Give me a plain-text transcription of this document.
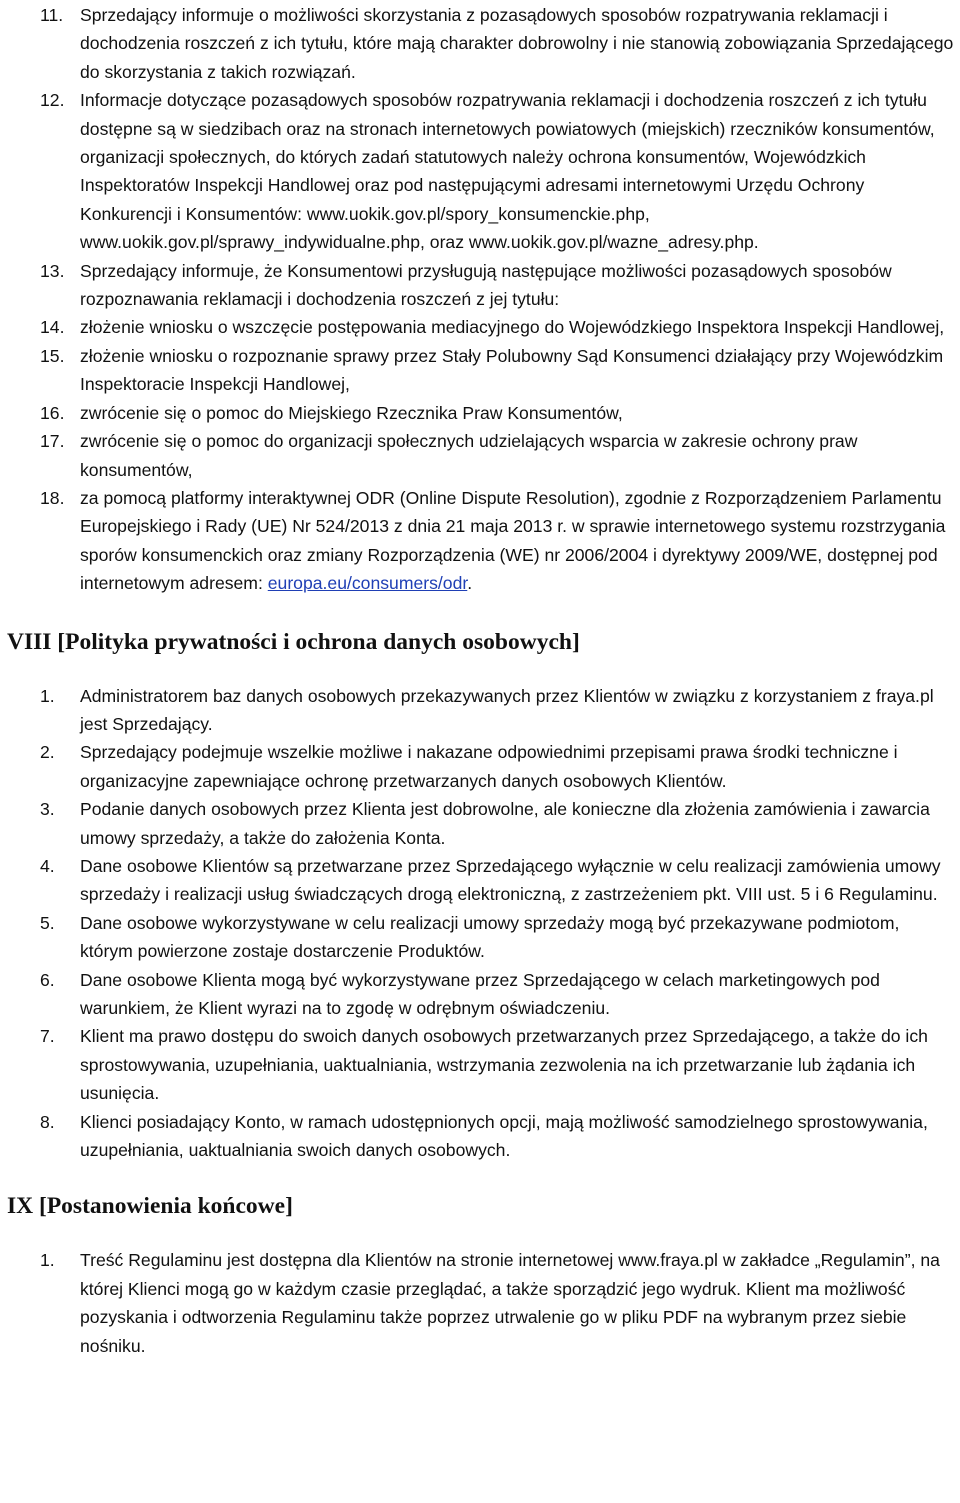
11. Sprzedający informuje o możliwości skorzystania z pozasądowych sposobów rozpatrywania reklamacji i dochodzenia roszczeń z ich tytułu, które mają charakter dobrowolny i nie stanowią zobowiązania Sprzedającego do skorzystania z takich rozwiązań.
12. Informacje dotyczące pozasądowych sposobów rozpatrywania reklamacji i dochodzenia roszczeń z ich tytułu dostępne są w siedzibach oraz na stronach internetowych powiatowych (miejskich) rzeczników konsumentów, organizacji społecznych, do których zadań statutowych należy ochrona konsumentów, Wojewódzkich Inspektoratów Inspekcji Handlowej oraz pod następującymi adresami internetowymi Urzędu Ochrony Konkurencji i Konsumentów: www.uokik.gov.pl/spory_konsumenckie.php, www.uokik.gov.pl/sprawy_indywidualne.php, oraz www.uokik.gov.pl/wazne_adresy.php.
13. Sprzedający informuje, że Konsumentowi przysługują następujące możliwości pozasądowych sposobów rozpoznawania reklamacji i dochodzenia roszczeń z jej tytułu:
14. złożenie wniosku o wszczęcie postępowania mediacyjnego do Wojewódzkiego Inspektora Inspekcji Handlowej,
15. złożenie wniosku o rozpoznanie sprawy przez Stały Polubowny Sąd Konsumenci działający przy Wojewódzkim Inspektoracie Inspekcji Handlowej,
16. zwrócenie się o pomoc do Miejskiego Rzecznika Praw Konsumentów,
17. zwrócenie się o pomoc do organizacji społecznych udzielających wsparcia w zakresie ochrony praw konsumentów,
18. za pomocą platformy interaktywnej ODR (Online Dispute Resolution), zgodnie z Rozporządzeniem Parlamentu Europejskiego i Rady (UE) Nr 524/2013 z dnia 21 maja 2013 r. w sprawie internetowego systemu rozstrzygania sporów konsumenckich oraz zmiany Rozporządzenia (WE) nr 2006/2004 i dyrektywy 2009/WE, dostępnej pod internetowym adresem: europa.eu/consumers/odr.
VIII [Polityka prywatności i ochrona danych osobowych]
1. Administratorem baz danych osobowych przekazywanych przez Klientów w związku z korzystaniem z fraya.pl jest Sprzedający.
2. Sprzedający podejmuje wszelkie możliwe i nakazane odpowiednimi przepisami prawa środki techniczne i organizacyjne zapewniające ochronę przetwarzanych danych osobowych Klientów.
3. Podanie danych osobowych przez Klienta jest dobrowolne, ale konieczne dla złożenia zamówienia i zawarcia umowy sprzedaży, a także do założenia Konta.
4. Dane osobowe Klientów są przetwarzane przez Sprzedającego wyłącznie w celu realizacji zamówienia umowy sprzedaży i realizacji usług świadczących drogą elektroniczną, z zastrzeżeniem pkt. VIII ust. 5 i 6 Regulaminu.
5. Dane osobowe wykorzystywane w celu realizacji umowy sprzedaży mogą być przekazywane podmiotom, którym powierzone zostaje dostarczenie Produktów.
6. Dane osobowe Klienta mogą być wykorzystywane przez Sprzedającego w celach marketingowych pod warunkiem, że Klient wyrazi na to zgodę w odrębnym oświadczeniu.
7. Klient ma prawo dostępu do swoich danych osobowych przetwarzanych przez Sprzedającego, a także do ich sprostowywania, uzupełniania, uaktualniania, wstrzymania zezwolenia na ich przetwarzanie lub żądania ich usunięcia.
8. Klienci posiadający Konto, w ramach udostępnionych opcji, mają możliwość samodzielnego sprostowywania, uzupełniania, uaktualniania swoich danych osobowych.
IX [Postanowienia końcowe]
1. Treść Regulaminu jest dostępna dla Klientów na stronie internetowej www.fraya.pl w zakładce „Regulamin”, na której Klienci mogą go w każdym czasie przeglądać, a także sporządzić jego wydruk. Klient ma możliwość pozyskania i odtworzenia Regulaminu także poprzez utrwalenie go w pliku PDF na wybranym przez siebie nośniku.
